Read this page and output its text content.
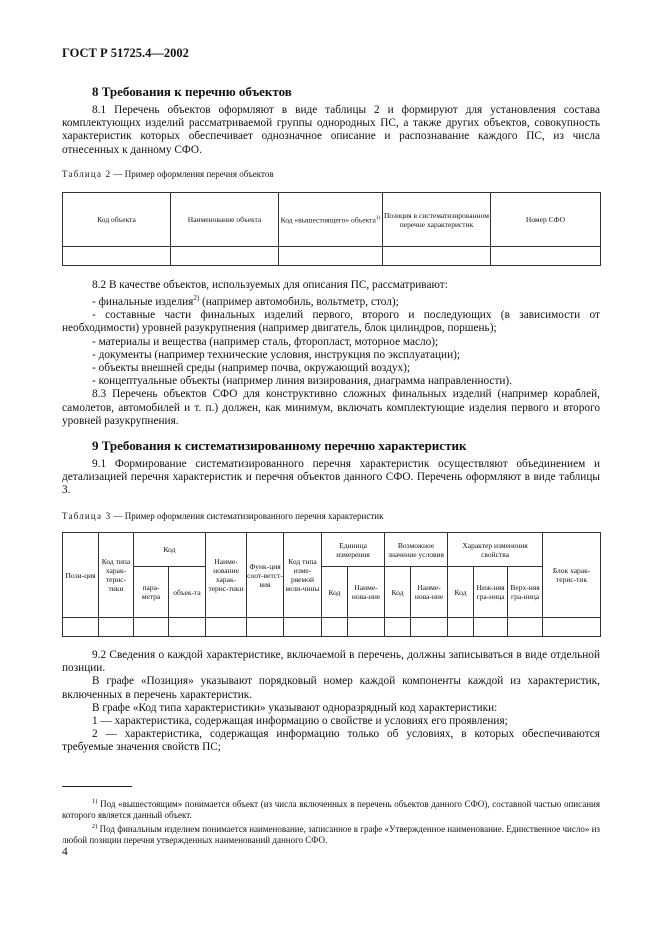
ГОСТ Р 51725.4—2002
8 Требования к перечню объектов

8.1 Перечень объектов оформляют в виде таблицы 2 и формируют для установления состава комплектующих изделий рассматриваемой группы однородных ПС, а также других объектов, совокупность характеристик которых обеспечивает однозначное описание и распознавание каждого ПС, из числа отнесенных к данному СФО.

Таблица 2 — Пример оформления перечня объектов
Код объекта	Наименование объекта	Код «вышестоящего» объекта$^{1)}$	Позиция в систематизированном перечне характеристик	Номер СФО

8.2 В качестве объектов, используемых для описания ПС, рассматривают:

- финальные изделия$^{2)}$ (например автомобиль, вольтметр, стол);

- составные части финальных изделий первого, второго и последующих (в зависимости от необходимости) уровней разукрупнения (например двигатель, блок цилиндров, поршень);

- материалы и вещества (например сталь, фторопласт, моторное масло);

- документы (например технические условия, инструкция по эксплуатации);

- объекты внешней среды (например почва, окружающий воздух);

- концептуальные объекты (например линия визирования, диаграмма направленности).

8.3 Перечень объектов СФО для конструктивно сложных финальных изделий (например кораблей, самолетов, автомобилей и т. п.) должен, как минимум, включать комплектующие изделия первого и второго уровней разукрупнения.

9 Требования к систематизированному перечню характеристик

9.1 Формирование систематизированного перечня характеристик осуществляют объединением и детализацией перечня характеристик и перечня объектов данного СФО. Перечень оформляют в виде таблицы 3.

Таблица 3 — Пример оформления систематизированного перечня характеристик
Пози-ция	Код типа харак-терис-тики	Код		Наиме-нование харак-терис-тики	Функ-ция соот-ветст-вия	Код типа изме-ряемой вели-чины	Единица измерения		Возможное значение условия		Характер изменения свойства			Блок харак-терис-тик
		пара-метра	объек-та				Код	Наиме-нова-ние	Код	Наиме-нова-ние	Код	Ниж-няя гра-ница	Верх-няя гра-ница	

9.2 Сведения о каждой характеристике, включаемой в перечень, должны записываться в виде отдельной позиции.

В графе «Позиция» указывают порядковый номер каждой компоненты каждой из характеристик, включенных в перечень характеристик.

В графе «Код типа характеристики» указывают одноразрядный код характеристики:

1 — характеристика, содержащая информацию о свойстве и условиях его проявления;

2 — характеристика, содержащая информацию только об условиях, в которых обеспечиваются требуемые значения свойств ПС;

$^{1)}$ Под «вышестоящим» понимается объект (из числа включенных в перечень объектов данного СФО), составной частью описания которого является данный объект.

$^{2)}$ Под финальным изделием понимается наименование, записанное в графе «Утвержденное наименование. Единственное число» из любой позиции перечня утвержденных наименований данного СФО.

4
